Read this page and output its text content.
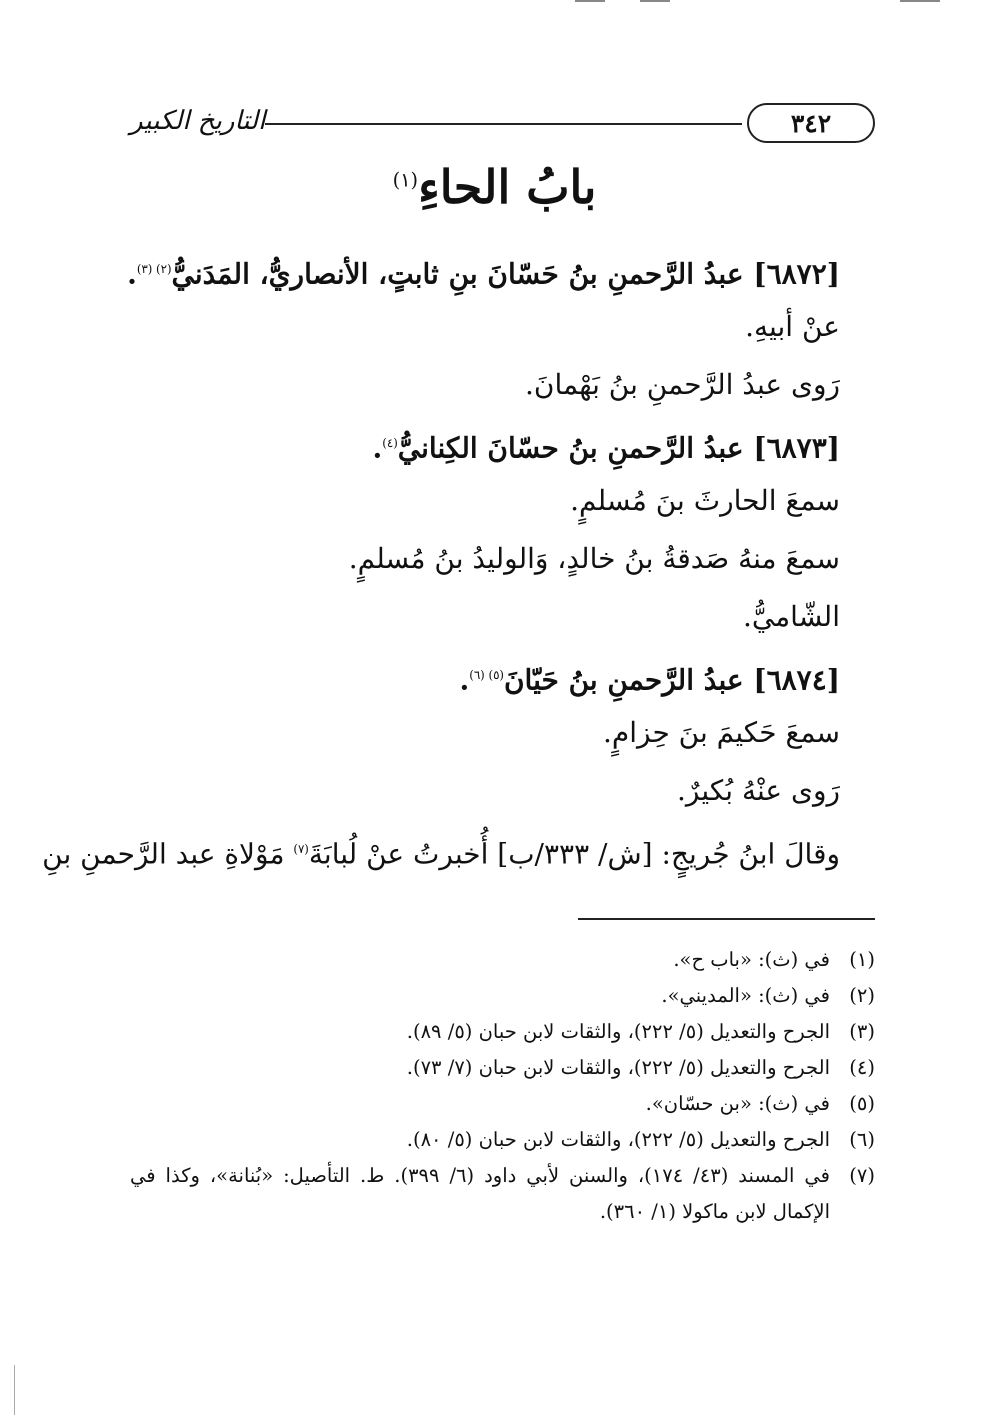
التاريخ الكبير	٣٤٢
بابُ الحاءِ$^{(١)}$
[٦٨٧٢] عبدُ الرَّحمنِ بنُ حَسّانَ بنِ ثابتٍ، الأنصاريُّ، المَدَنيُّ$^{(٢) (٣)}$.
عنْ أبيهِ.
رَوى عبدُ الرَّحمنِ بنُ بَهْمانَ.
[٦٨٧٣] عبدُ الرَّحمنِ بنُ حسّانَ الكِنانيُّ$^{(٤)}$.
سمعَ الحارثَ بنَ مُسلمٍ.
سمعَ منهُ صَدقةُ بنُ خالدٍ، وَالوليدُ بنُ مُسلمٍ.
الشّاميُّ.
[٦٨٧٤] عبدُ الرَّحمنِ بنُ حَيّانَ$^{(٥) (٦)}$.
سمعَ حَكيمَ بنَ حِزامٍ.
رَوى عنْهُ بُكيرٌ.
وقالَ ابنُ جُريجٍ: [ش/ ٣٣٣/ب] أُخبرتُ عنْ لُبابَةَ$^{(٧)}$ مَوْلاةِ عبد الرَّحمنِ بنِ
(١)
في (ث): «باب ح».
(٢)
في (ث): «المديني».
(٣)
الجرح والتعديل (٥/ ٢٢٢)، والثقات لابن حبان (٥/ ٨٩).
(٤)
الجرح والتعديل (٥/ ٢٢٢)، والثقات لابن حبان (٧/ ٧٣).
(٥)
في (ث): «بن حسّان».
(٦)
الجرح والتعديل (٥/ ٢٢٢)، والثقات لابن حبان (٥/ ٨٠).
(٧)
في المسند (٤٣/ ١٧٤)، والسنن لأبي داود (٦/ ٣٩٩). ط. التأصيل: «بُنانة»، وكذا في الإكمال لابن ماكولا (١/ ٣٦٠).
